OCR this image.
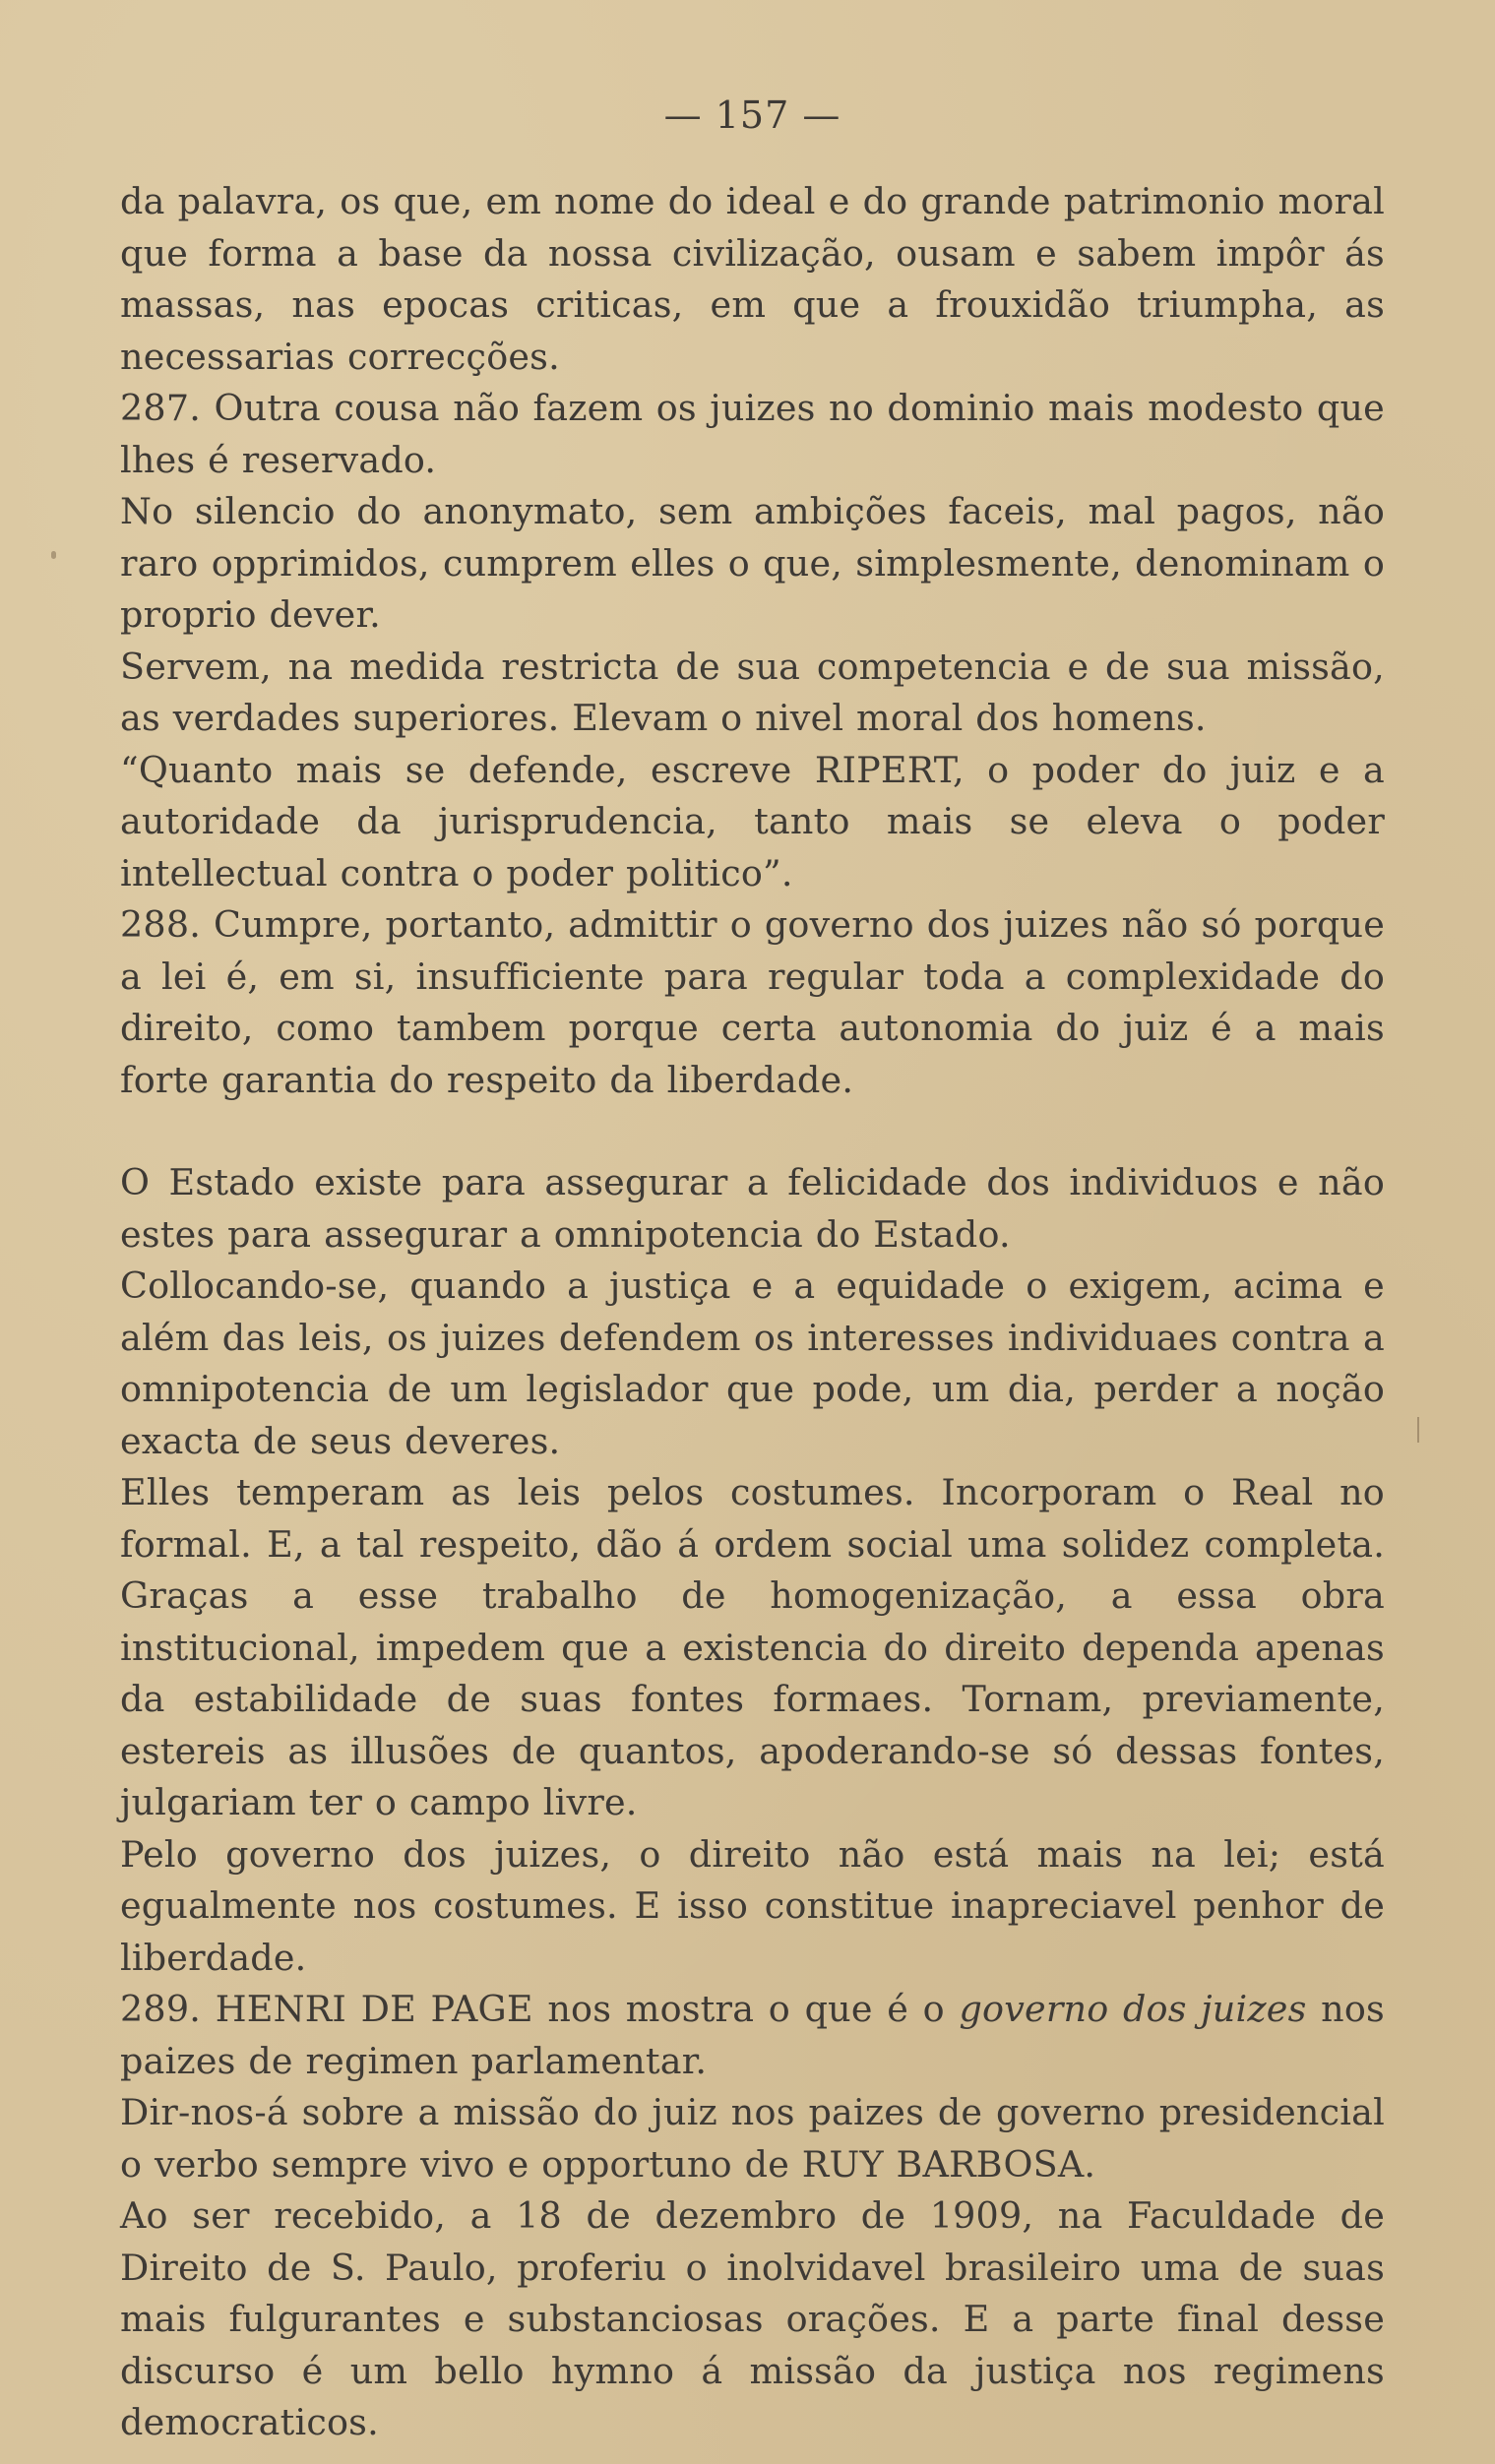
— 157 —

da palavra, os que, em nome do ideal e do grande patrimonio moral que forma a base da nossa civilização, ousam e sabem impôr ás massas, nas epocas criticas, em que a frouxidão triumpha, as necessarias correcções.

287. Outra cousa não fazem os juizes no dominio mais modesto que lhes é reservado.

No silencio do anonymato, sem ambições faceis, mal pagos, não raro opprimidos, cumprem elles o que, simplesmente, denominam o proprio dever.

Servem, na medida restricta de sua competencia e de sua missão, as verdades superiores. Elevam o nivel moral dos homens.

“Quanto mais se defende, escreve RIPERT, o poder do juiz e a autoridade da jurisprudencia, tanto mais se eleva o poder intellectual contra o poder politico”.

288. Cumpre, portanto, admittir o governo dos juizes não só porque a lei é, em si, insufficiente para regular toda a complexidade do direito, como tambem porque certa autonomia do juiz é a mais forte garantia do respeito da liberdade.

O Estado existe para assegurar a felicidade dos individuos e não estes para assegurar a omnipotencia do Estado.

Collocando-se, quando a justiça e a equidade o exigem, acima e além das leis, os juizes defendem os interesses individuaes contra a omnipotencia de um legislador que pode, um dia, perder a noção exacta de seus deveres.

Elles temperam as leis pelos costumes. Incorporam o Real no formal. E, a tal respeito, dão á ordem social uma solidez completa. Graças a esse trabalho de homogenização, a essa obra institucional, impedem que a existencia do direito dependa apenas da estabilidade de suas fontes formaes. Tornam, previamente, estereis as illusões de quantos, apoderando-se só dessas fontes, julgariam ter o campo livre.

Pelo governo dos juizes, o direito não está mais na lei; está egualmente nos costumes. E isso constitue inapreciavel penhor de liberdade.

289. HENRI DE PAGE nos mostra o que é o governo dos juizes nos paizes de regimen parlamentar.

Dir-nos-á sobre a missão do juiz nos paizes de governo presidencial o verbo sempre vivo e opportuno de RUY BARBOSA.

Ao ser recebido, a 18 de dezembro de 1909, na Faculdade de Direito de S. Paulo, proferiu o inolvidavel brasileiro uma de suas mais fulgurantes e substanciosas orações. E a parte final desse discurso é um bello hymno á missão da justiça nos regimens democraticos.
